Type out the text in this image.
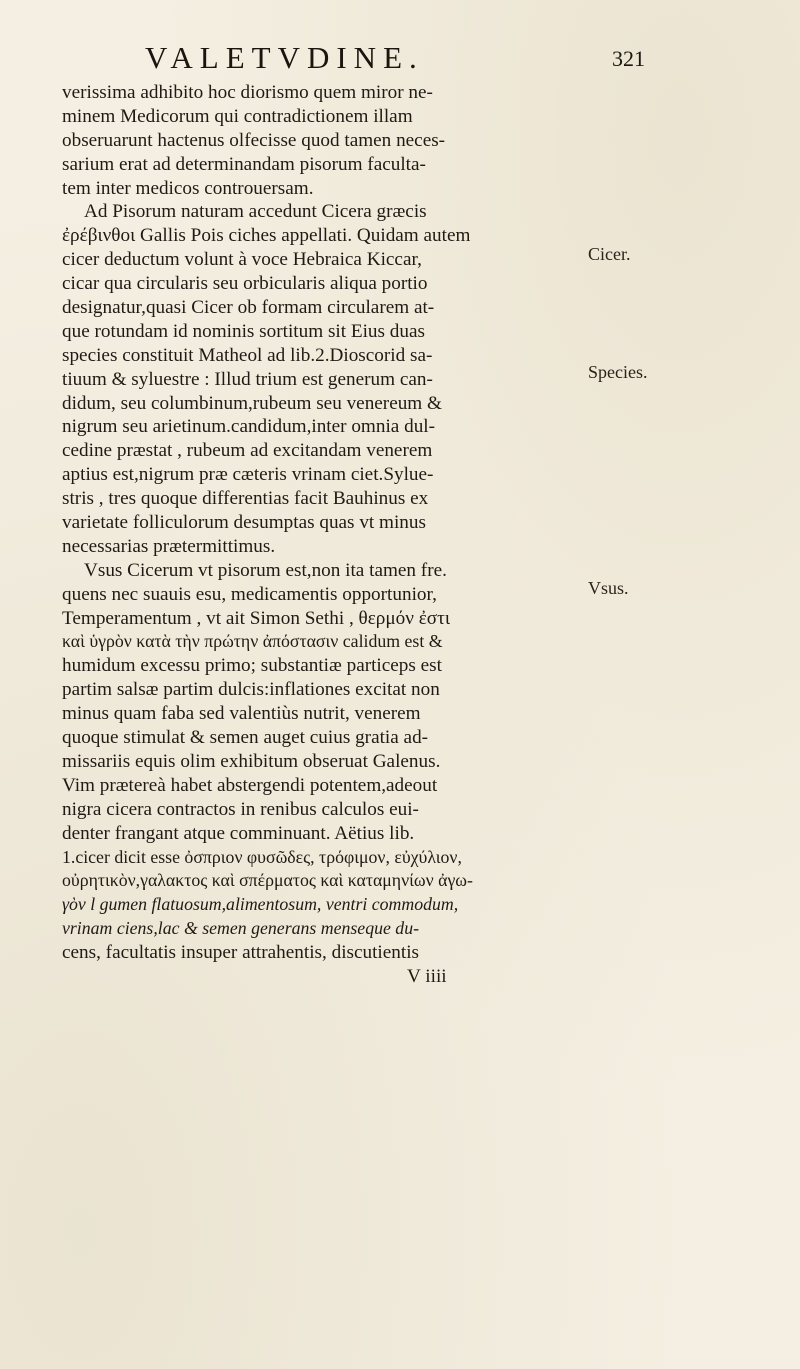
VALETVDINE.	321
verissima adhibito hoc diorismo quem miror ne-
minem Medicorum qui contradictionem illam
obseruarunt hactenus olfecisse quod tamen neces-
sarium erat ad determinandam pisorum faculta-
tem inter medicos controuersam.
Ad Pisorum naturam accedunt Cicera græcis
ἐρέβινθοι Gallis Pois ciches appellati. Quidam autem
cicer deductum volunt à voce Hebraica Kiccar,
cicar qua circularis seu orbicularis aliqua portio
designatur,quasi Cicer ob formam circularem at-
que rotundam id nominis sortitum sit Eius duas
species constituit Matheol ad lib.2.Dioscorid sa-
tiuum & syluestre : Illud trium est generum can-
didum, seu columbinum,rubeum seu venereum &
nigrum seu arietinum.candidum,inter omnia dul-
cedine præstat , rubeum ad excitandam venerem
aptius est,nigrum præ cæteris vrinam ciet.Sylue-
stris , tres quoque differentias facit Bauhinus ex
varietate folliculorum desumptas quas vt minus
necessarias prætermittimus.
Vsus Cicerum vt pisorum est,non ita tamen fre.
quens nec suauis esu, medicamentis opportunior,
Temperamentum , vt ait Simon Sethi , θερμόν ἐστι
καὶ ὑγρὸν κατὰ τὴν πρώτην ἀπόστασιν calidum est &
humidum excessu primo; substantiæ particeps est
partim salsæ partim dulcis:inflationes excitat non
minus quam faba sed valentiùs nutrit, venerem
quoque stimulat & semen auget cuius gratia ad-
missariis equis olim exhibitum obseruat Galenus.
Vim prætereà habet abstergendi potentem,adeout
nigra cicera contractos in renibus calculos eui-
denter frangant atque comminuant. Aëtius lib.
1.cicer dicit esse ὀσπριον φυσῶδες, τρόφιμον, εὐχύλιον,
οὐρητικὸν,γαλακτος καὶ σπέρματος καὶ καταμηνίων ἀγω-
γὸν l gumen flatuosum,alimentosum, ventri commodum,
vrinam ciens,lac & semen generans menseque du-
cens, facultatis insuper attrahentis, discutientis
V iiii
Cicer.
Species.
Vsus.
